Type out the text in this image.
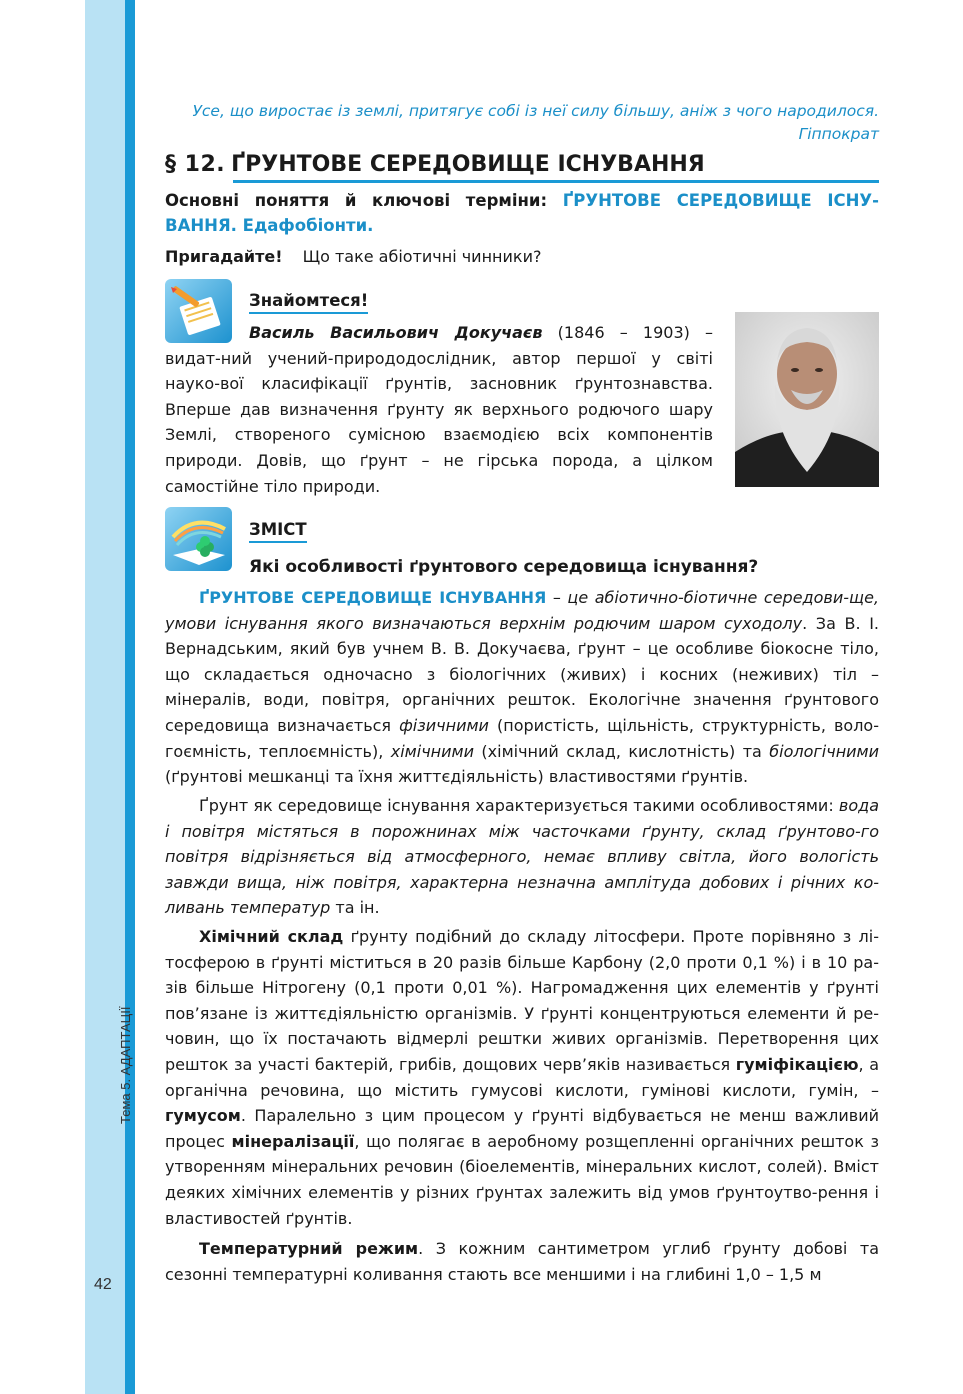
Тема 5. АДАПТАЦІЇ
42
Усе, що виростає із землі, притягує собі із неї силу більшу, аніж з чого народилося.
Гіппократ
§ 12. ҐРУНТОВЕ СЕРЕДОВИЩЕ ІСНУВАННЯ
Основні поняття й ключові терміни: ҐРУНТОВЕ СЕРЕДОВИЩЕ ІСНУ-ВАННЯ. Едафобіонти.
Пригадайте! Що таке абіотичні чинники?
Знайомтеся!
Василь Васильович Докучаєв (1846 – 1903) – видат-ний учений-природодослідник, автор першої у світі науко-вої класифікації ґрунтів, засновник ґрунтознавства. Вперше дав визначення ґрунту як верхнього родючого шару Землі, створеного сумісною взаємодією всіх компонентів природи. Довів, що ґрунт – не гірська порода, а цілком самостійне тіло природи.
ЗМІСТ
Які особливості ґрунтового середовища існування?
ҐРУНТОВЕ СЕРЕДОВИЩЕ ІСНУВАННЯ – це абіотично-біотичне середови-ще, умови існування якого визначаються верхнім родючим шаром суходолу. За В. І. Вернадським, який був учнем В. В. Докучаєва, ґрунт – це особливе біокосне тіло, що складається одночасно з біологічних (живих) і косних (неживих) тіл – мінералів, води, повітря, органічних решток. Екологічне значення ґрунтового середовища визначається фізичними (пористість, щільність, структурність, воло-гоємність, теплоємність), хімічними (хімічний склад, кислотність) та біологічними (ґрунтові мешканці та їхня життєдіяльність) властивостями ґрунтів.
Ґрунт як середовище існування характеризується такими особливостями: вода і повітря містяться в порожнинах між часточками ґрунту, склад ґрунтово-го повітря відрізняється від атмосферного, немає впливу світла, його вологість завжди вища, ніж повітря, характерна незначна амплітуда добових і річних ко-ливань температур та ін.
Хімічний склад ґрунту подібний до складу літосфери. Проте порівняно з лі-тосферою в ґрунті міститься в 20 разів більше Карбону (2,0 проти 0,1 %) і в 10 ра-зів більше Нітрогену (0,1 проти 0,01 %). Нагромадження цих елементів у ґрунті пов’язане із життєдіяльністю організмів. У ґрунті концентруються елементи й ре-човин, що їх постачають відмерлі рештки живих організмів. Перетворення цих решток за участі бактерій, грибів, дощових черв’яків називається гуміфікацією, а органічна речовина, що містить гумусові кислоти, гумінові кислоти, гумін, – гумусом. Паралельно з цим процесом у ґрунті відбувається не менш важливий процес мінералізації, що полягає в аеробному розщепленні органічних решток з утворенням мінеральних речовин (біоелементів, мінеральних кислот, солей). Вміст деяких хімічних елементів у різних ґрунтах залежить від умов ґрунтоутво-рення і властивостей ґрунтів.
Температурний режим. З кожним сантиметром углиб ґрунту добові та сезонні температурні коливання стають все меншими і на глибині 1,0 – 1,5 м
